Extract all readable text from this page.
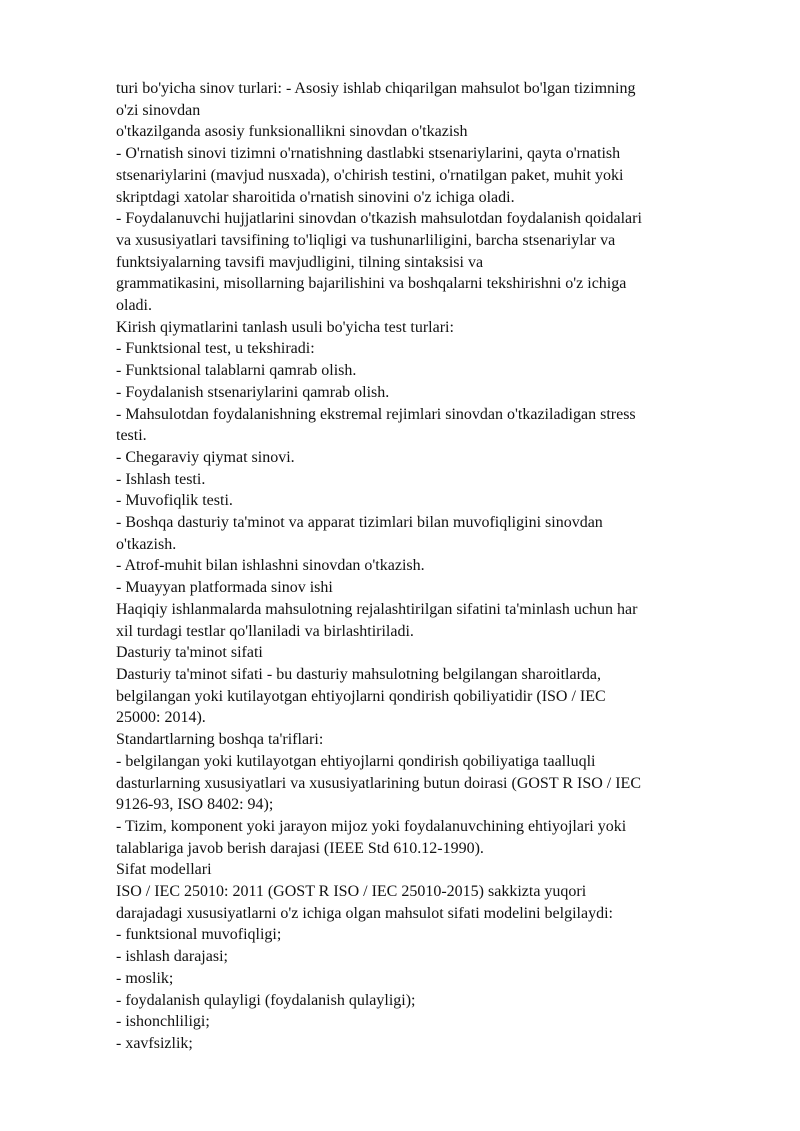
turi bo'yicha sinov turlari: - Asosiy ishlab chiqarilgan mahsulot bo'lgan tizimning
o'zi sinovdan
o'tkazilganda asosiy funksionallikni sinovdan o'tkazish
- O'rnatish sinovi tizimni o'rnatishning dastlabki stsenariylarini, qayta o'rnatish
stsenariylarini (mavjud nusxada), o'chirish testini, o'rnatilgan paket, muhit yoki
skriptdagi xatolar sharoitida o'rnatish sinovini o'z ichiga oladi.
- Foydalanuvchi hujjatlarini sinovdan o'tkazish mahsulotdan foydalanish qoidalari
va xususiyatlari tavsifining to'liqligi va tushunarliligini, barcha stsenariylar va
funktsiyalarning tavsifi mavjudligini, tilning sintaksisi va
grammatikasini, misollarning bajarilishini va boshqalarni tekshirishni o'z ichiga
oladi.
Kirish qiymatlarini tanlash usuli bo'yicha test turlari:
- Funktsional test, u tekshiradi:
- Funktsional talablarni qamrab olish.
- Foydalanish stsenariylarini qamrab olish.
- Mahsulotdan foydalanishning ekstremal rejimlari sinovdan o'tkaziladigan stress
testi.
- Chegaraviy qiymat sinovi.
- Ishlash testi.
- Muvofiqlik testi.
- Boshqa dasturiy ta'minot va apparat tizimlari bilan muvofiqligini sinovdan
o'tkazish.
- Atrof-muhit bilan ishlashni sinovdan o'tkazish.
- Muayyan platformada sinov ishi
Haqiqiy ishlanmalarda mahsulotning rejalashtirilgan sifatini ta'minlash uchun har
xil turdagi testlar qo'llaniladi va birlashtiriladi.
Dasturiy ta'minot sifati
Dasturiy ta'minot sifati - bu dasturiy mahsulotning belgilangan sharoitlarda,
belgilangan yoki kutilayotgan ehtiyojlarni qondirish qobiliyatidir (ISO / IEC
25000: 2014).
Standartlarning boshqa ta'riflari:
- belgilangan yoki kutilayotgan ehtiyojlarni qondirish qobiliyatiga taalluqli
dasturlarning xususiyatlari va xususiyatlarining butun doirasi (GOST R ISO / IEC
9126-93, ISO 8402: 94);
- Tizim, komponent yoki jarayon mijoz yoki foydalanuvchining ehtiyojlari yoki
talablariga javob berish darajasi (IEEE Std 610.12-1990).
Sifat modellari
ISO / IEC 25010: 2011 (GOST R ISO / IEC 25010-2015) sakkizta yuqori
darajadagi xususiyatlarni o'z ichiga olgan mahsulot sifati modelini belgilaydi:
- funktsional muvofiqligi;
- ishlash darajasi;
- moslik;
- foydalanish qulayligi (foydalanish qulayligi);
- ishonchliligi;
- xavfsizlik;
